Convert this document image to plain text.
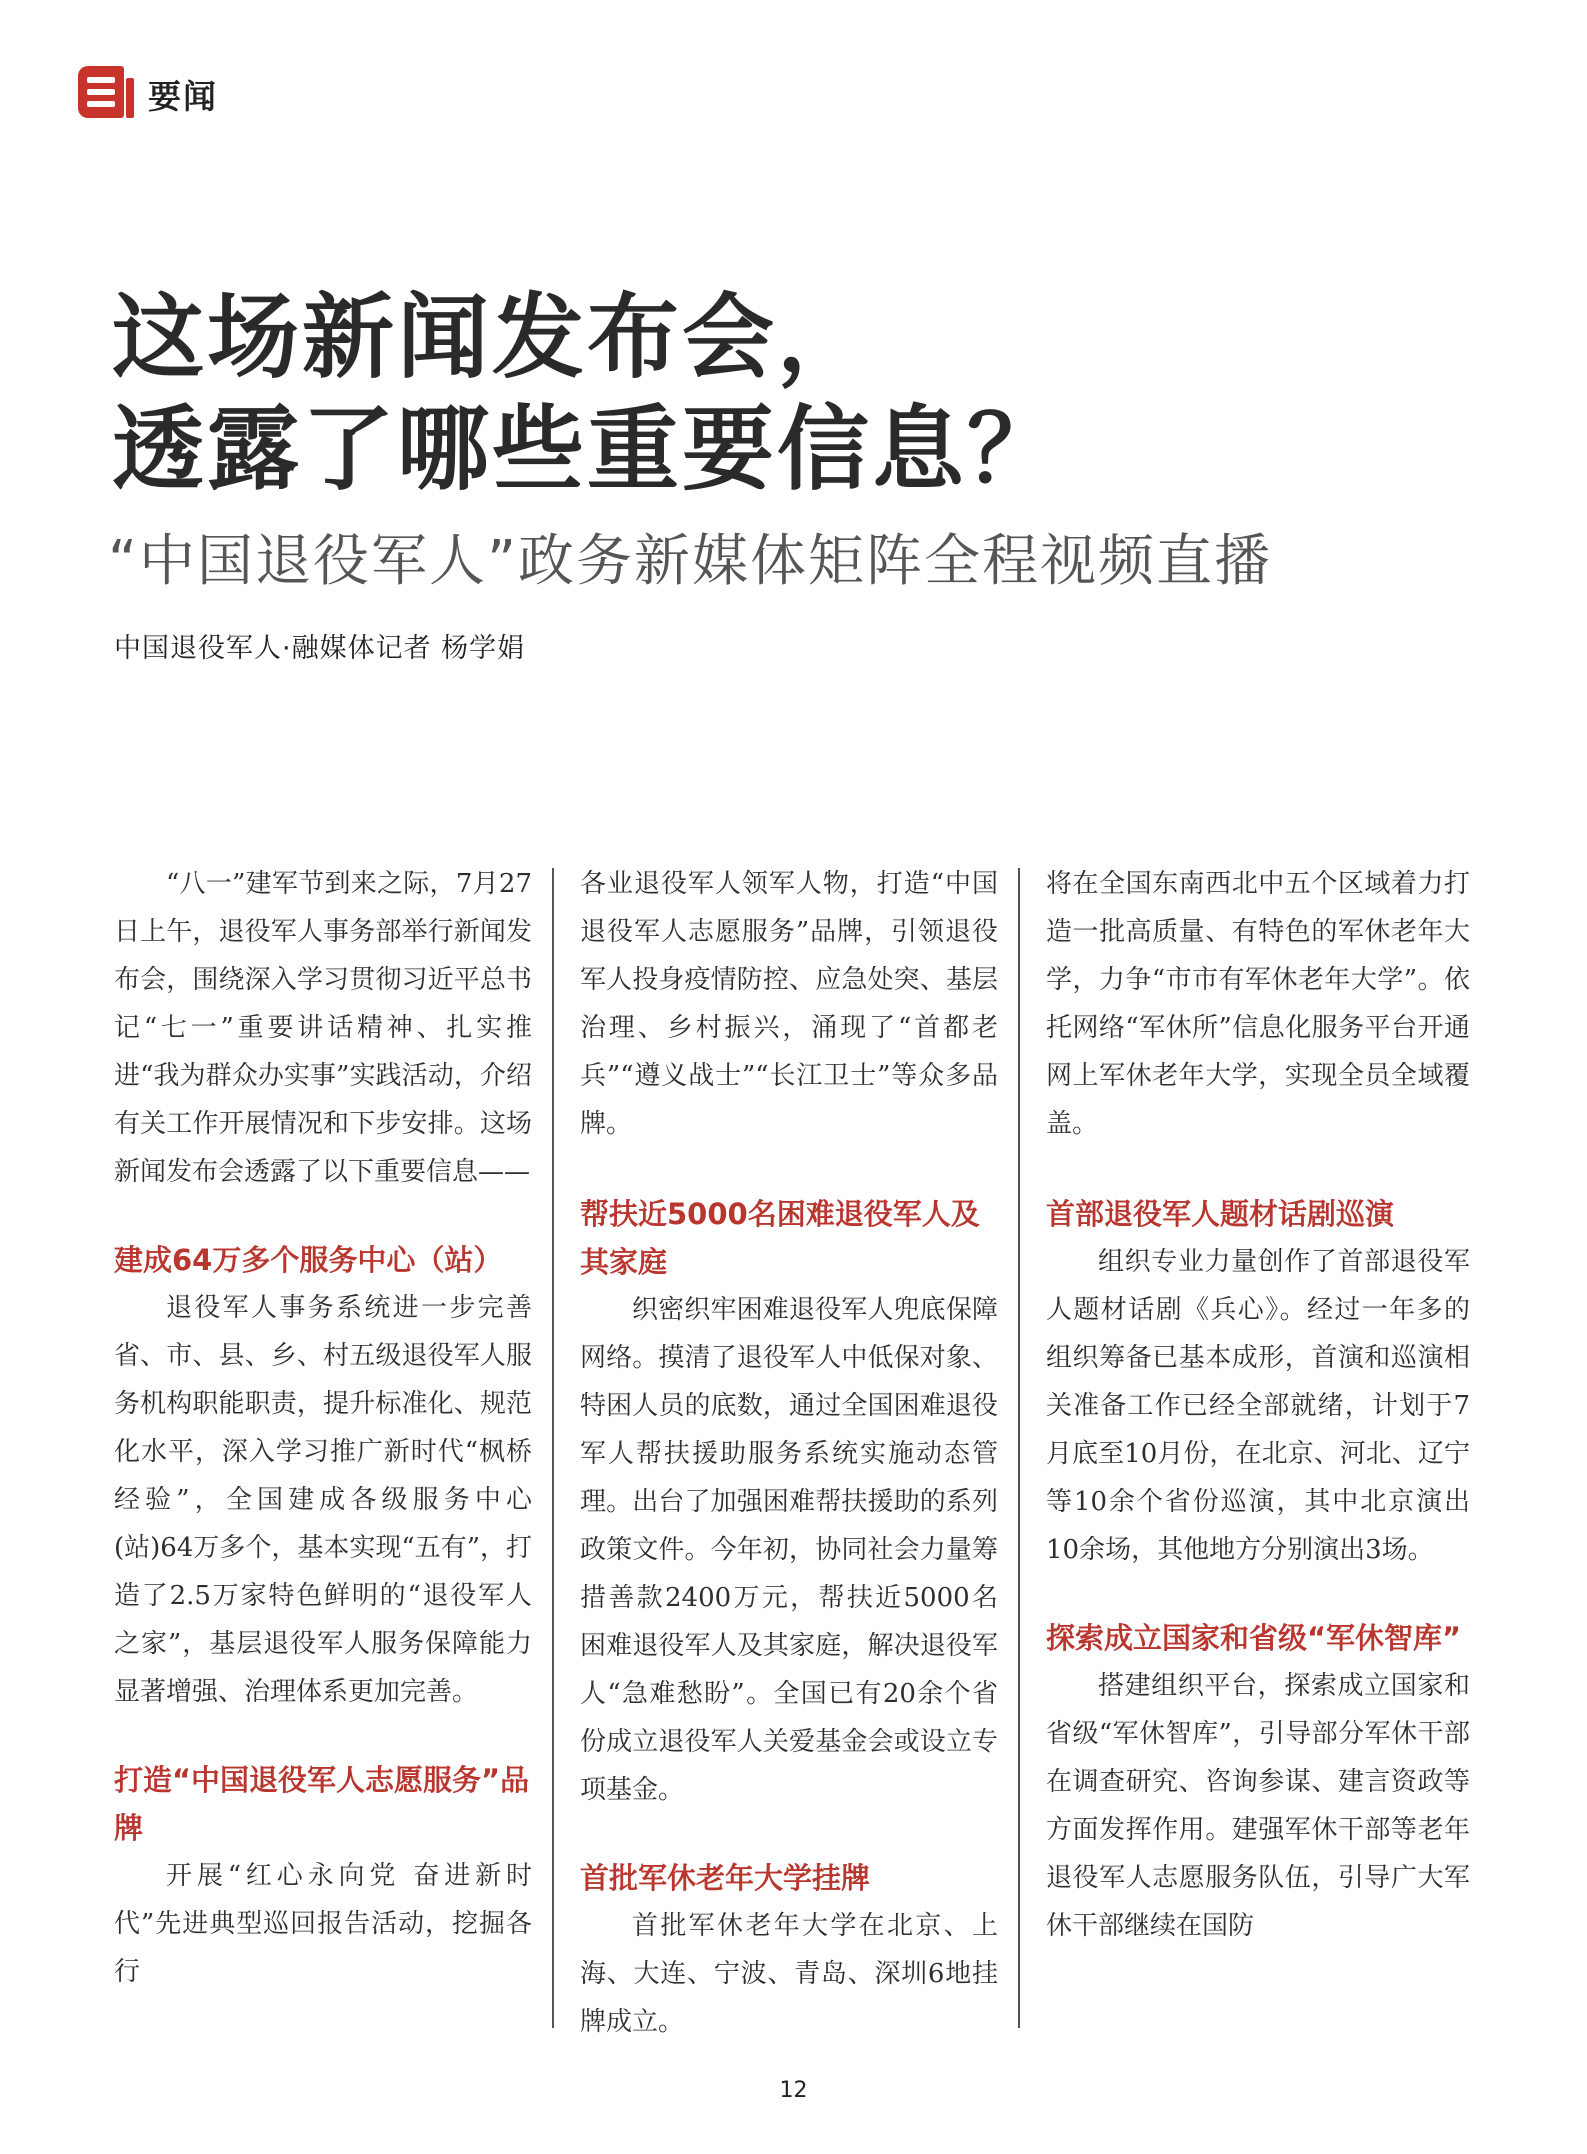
要闻
这场新闻发布会，
透露了哪些重要信息？
“中国退役军人”政务新媒体矩阵全程视频直播
中国退役军人·融媒体记者 杨学娟

“八一”建军节到来之际，7月27日上午，退役军人事务部举行新闻发布会，围绕深入学习贯彻习近平总书记“七一”重要讲话精神、扎实推进“我为群众办实事”实践活动，介绍有关工作开展情况和下步安排。这场新闻发布会透露了以下重要信息——

建成64万多个服务中心（站）

退役军人事务系统进一步完善省、市、县、乡、村五级退役军人服务机构职能职责，提升标准化、规范化水平，深入学习推广新时代“枫桥经验”，全国建成各级服务中心(站)64万多个，基本实现“五有”，打造了2.5万家特色鲜明的“退役军人之家”，基层退役军人服务保障能力显著增强、治理体系更加完善。

打造“中国退役军人志愿服务”品牌

开展“红心永向党 奋进新时代”先进典型巡回报告活动，挖掘各行

各业退役军人领军人物，打造“中国退役军人志愿服务”品牌，引领退役军人投身疫情防控、应急处突、基层治理、乡村振兴，涌现了“首都老兵”“遵义战士”“长江卫士”等众多品牌。

帮扶近5000名困难退役军人及其家庭

织密织牢困难退役军人兜底保障网络。摸清了退役军人中低保对象、特困人员的底数，通过全国困难退役军人帮扶援助服务系统实施动态管理。出台了加强困难帮扶援助的系列政策文件。今年初，协同社会力量筹措善款2400万元，帮扶近5000名困难退役军人及其家庭，解决退役军人“急难愁盼”。全国已有20余个省份成立退役军人关爱基金会或设立专项基金。

首批军休老年大学挂牌

首批军休老年大学在北京、上海、大连、宁波、青岛、深圳6地挂牌成立。

将在全国东南西北中五个区域着力打造一批高质量、有特色的军休老年大学，力争“市市有军休老年大学”。依托网络“军休所”信息化服务平台开通网上军休老年大学，实现全员全域覆盖。

首部退役军人题材话剧巡演

组织专业力量创作了首部退役军人题材话剧《兵心》。经过一年多的组织筹备已基本成形，首演和巡演相关准备工作已经全部就绪，计划于7月底至10月份，在北京、河北、辽宁等10余个省份巡演，其中北京演出10余场，其他地方分别演出3场。

探索成立国家和省级“军休智库”

搭建组织平台，探索成立国家和省级“军休智库”，引导部分军休干部在调查研究、咨询参谋、建言资政等方面发挥作用。建强军休干部等老年退役军人志愿服务队伍，引导广大军休干部继续在国防

12
